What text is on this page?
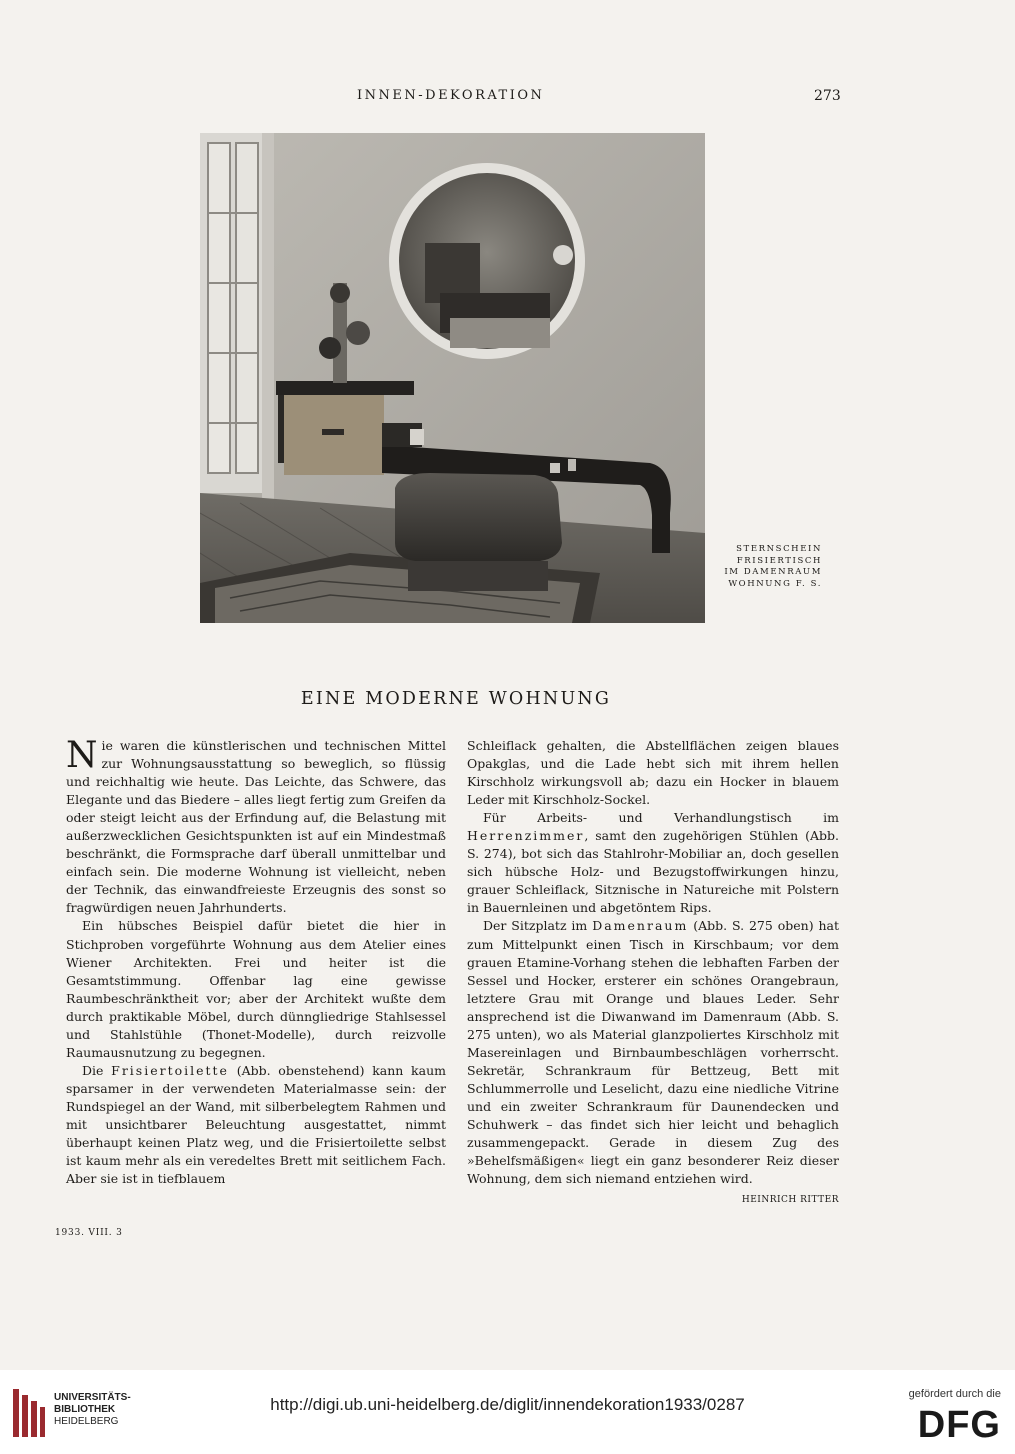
INNEN-DEKORATION	273
STERNSCHEIN
FRISIERTISCH
IM DAMENRAUM
WOHNUNG F. S.
EINE MODERNE WOHNUNG

Nie waren die künstlerischen und technischen Mittel zur Wohnungsausstattung so beweglich, so flüssig und reichhaltig wie heute. Das Leichte, das Schwere, das Elegante und das Biedere – alles liegt fertig zum Greifen da oder steigt leicht aus der Erfindung auf, die Belastung mit außerzwecklichen Gesichtspunkten ist auf ein Mindestmaß beschränkt, die Formsprache darf überall unmittelbar und einfach sein. Die moderne Wohnung ist vielleicht, neben der Technik, das einwandfreieste Erzeugnis des sonst so fragwürdigen neuen Jahrhunderts.

Ein hübsches Beispiel dafür bietet die hier in Stichproben vorgeführte Wohnung aus dem Atelier eines Wiener Architekten. Frei und heiter ist die Gesamtstimmung. Offenbar lag eine gewisse Raumbeschränktheit vor; aber der Architekt wußte dem durch praktikable Möbel, durch dünngliedrige Stahlsessel und Stahlstühle (Thonet-Modelle), durch reizvolle Raumausnutzung zu begegnen.

Die Frisiertoilette (Abb. obenstehend) kann kaum sparsamer in der verwendeten Materialmasse sein: der Rundspiegel an der Wand, mit silberbelegtem Rahmen und mit unsichtbarer Beleuchtung ausgestattet, nimmt überhaupt keinen Platz weg, und die Frisiertoilette selbst ist kaum mehr als ein veredeltes Brett mit seitlichem Fach. Aber sie ist in tiefblauem

Schleiflack gehalten, die Abstellflächen zeigen blaues Opakglas, und die Lade hebt sich mit ihrem hellen Kirschholz wirkungsvoll ab; dazu ein Hocker in blauem Leder mit Kirschholz-Sockel.

Für Arbeits- und Verhandlungstisch im Herrenzimmer, samt den zugehörigen Stühlen (Abb. S. 274), bot sich das Stahlrohr-Mobiliar an, doch gesellen sich hübsche Holz- und Bezugstoffwirkungen hinzu, grauer Schleiflack, Sitznische in Natureiche mit Polstern in Bauernleinen und abgetöntem Rips.

Der Sitzplatz im Damenraum (Abb. S. 275 oben) hat zum Mittelpunkt einen Tisch in Kirschbaum; vor dem grauen Etamine-Vorhang stehen die lebhaften Farben der Sessel und Hocker, ersterer ein schönes Orangebraun, letztere Grau mit Orange und blaues Leder. Sehr ansprechend ist die Diwanwand im Damenraum (Abb. S. 275 unten), wo als Material glanzpoliertes Kirschholz mit Masereinlagen und Birnbaumbeschlägen vorherrscht. Sekretär, Schrankraum für Bettzeug, Bett mit Schlummerrolle und Leselicht, dazu eine niedliche Vitrine und ein zweiter Schrankraum für Daunendecken und Schuhwerk – das findet sich hier leicht und behaglich zusammengepackt. Gerade in diesem Zug des »Behelfsmäßigen« liegt ein ganz besonderer Reiz dieser Wohnung, dem sich niemand entziehen wird.
HEINRICH RITTER

1933. VIII. 3
UNIVERSITÄTS-
BIBLIOTHEK
HEIDELBERG
http://digi.ub.uni-heidelberg.de/diglit/innendekoration1933/0287
gefördert durch die
DFG
